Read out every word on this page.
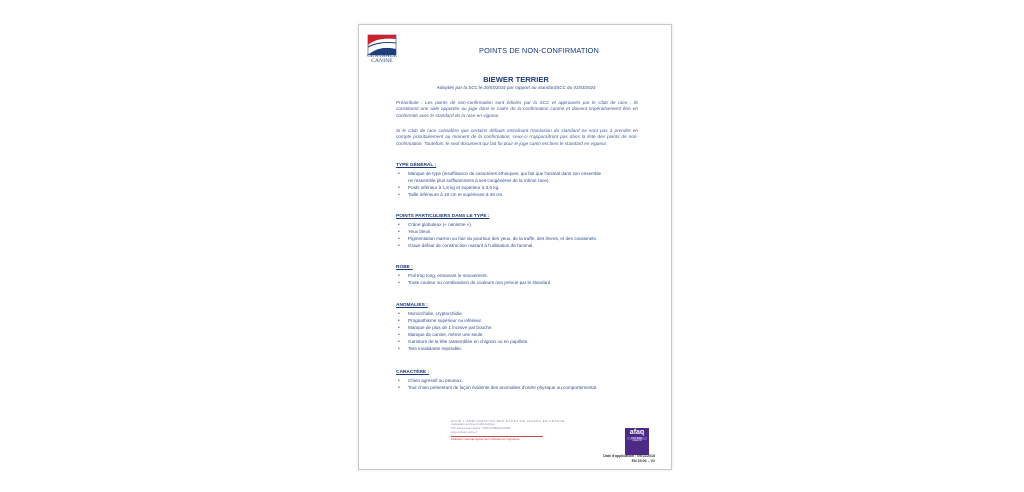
CENTRALE
CANINE
POINTS DE NON-CONFIRMATION
BIEWER TERRIER
Adoptés par la SCC le 20/03/2024 par rapport au standardSCC du 01/03/2024
Préambule : Les points de non-confirmation sont édictés par la SCC et approuvés par le Club de race ; ils constituent une aide apportée au juge dans le cadre de la confirmation canine et doivent impérativement être en conformité avec le standard de la race en vigueur.
Si le Club de race considère que certains défauts entraînant l'exclusion du standard ne sont pas à prendre en compte prioritairement au moment de la confirmation, ceux-ci n'apparaîtront pas dans la liste des points de non-confirmation. Toutefois, le seul document qui fait foi pour le juge canin est bien le standard en vigueur.
TYPE GÉNÉRAL :
• Manque de type (insuffisance de caractères ethniques, qui fait que l'animal dans son ensemble
ne ressemble plus suffisamment à ses congénères de la même race).
• Poids inférieur à 1,8 kg et supérieur à 3,6 kg.
• Taille inférieure à 18 cm et supérieure à 28 cm.
POINTS PARTICULIERS DANS LE TYPE :
• Crâne globuleux (« nanisme »).
• Yeux bleus
• Pigmentation marron ou foie du pourtour des yeux, de la truffe, des lèvres, et des coussinets.
• Grave défaut de construction nuisant à l'utilisation de l'animal.
ROBE :
• Poil trop long, entravant le mouvement.
• Toute couleur ou combinaison de couleurs non prévue par le standard.
ANOMALIES :
• Monorchidie, cryptorchidie.
• Prognathisme supérieur ou inférieur.
• Manque de plus de 1 incisive par bouche.
• Manque de canine, même une seule.
• Garniture de la tête rassemblée en chignon ou en papillote.
• Tare invalidante repérable.
CARACTÈRE :
• Chien agressif ou peureux.
• Tout chien présentant de façon évidente des anomalies d'ordre physique ou comportemental.
POUR L'AMÉLIORATION DES RACES DE CHIENS EN FRANCE
Association reconnue d'utilité publique
155, avenue Jean Jaurès - 93535 AUBERVILLIERS
www.centrale-canine.fr
Fédération nationale agréée par le Ministère de l'Agriculture
afaq
ISO 9001
QUALITÉ
Date d'application : 09/11/2018
EN 25.06 – V2
